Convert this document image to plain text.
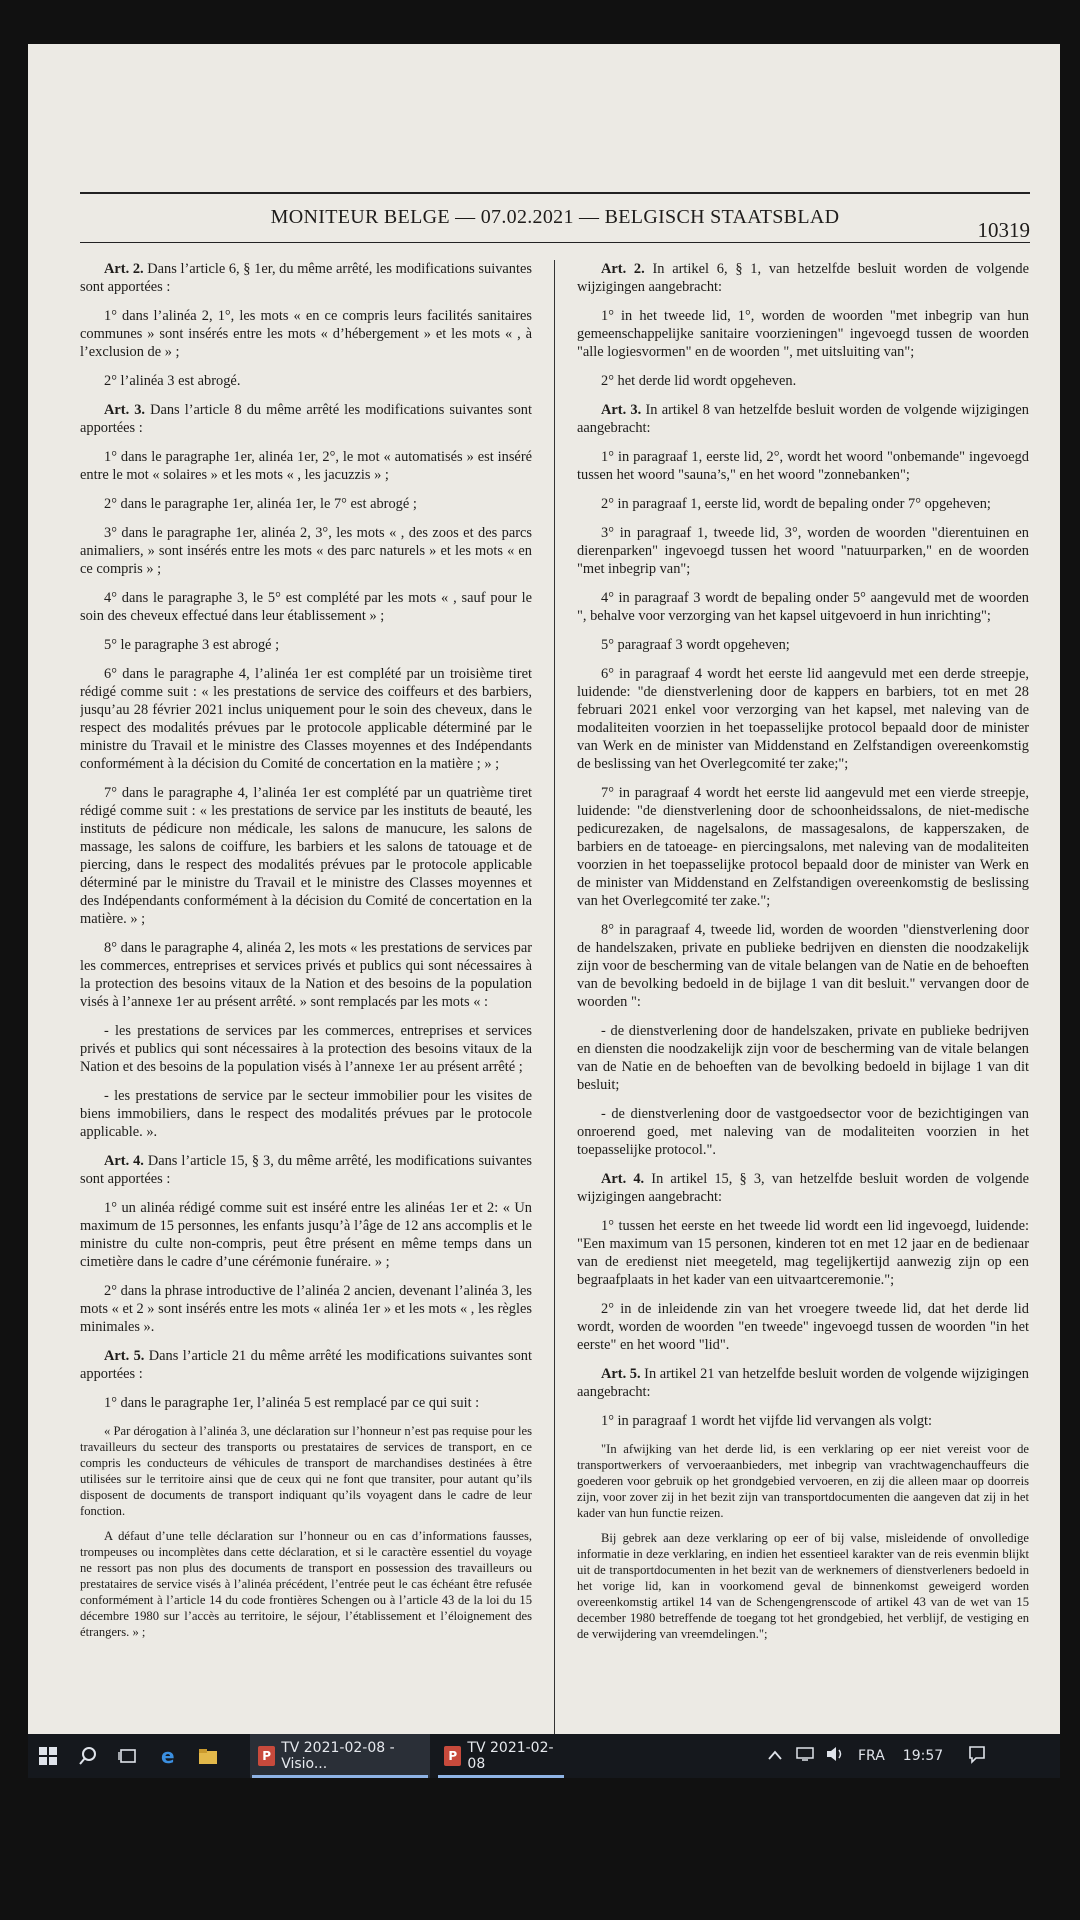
MONITEUR BELGE — 07.02.2021 — BELGISCH STAATSBLAD
10319

Art. 2. Dans l’article 6, § 1er, du même arrêté, les modifications suivantes sont apportées :

1° dans l’alinéa 2, 1°, les mots « en ce compris leurs facilités sanitaires communes » sont insérés entre les mots « d’hébergement » et les mots « , à l’exclusion de » ;

2° l’alinéa 3 est abrogé.

Art. 3. Dans l’article 8 du même arrêté les modifications suivantes sont apportées :

1° dans le paragraphe 1er, alinéa 1er, 2°, le mot « automatisés » est inséré entre le mot « solaires » et les mots « , les jacuzzis » ;

2° dans le paragraphe 1er, alinéa 1er, le 7° est abrogé ;

3° dans le paragraphe 1er, alinéa 2, 3°, les mots « , des zoos et des parcs animaliers, » sont insérés entre les mots « des parc naturels » et les mots « en ce compris » ;

4° dans le paragraphe 3, le 5° est complété par les mots « , sauf pour le soin des cheveux effectué dans leur établissement » ;

5° le paragraphe 3 est abrogé ;

6° dans le paragraphe 4, l’alinéa 1er est complété par un troisième tiret rédigé comme suit : « les prestations de service des coiffeurs et des barbiers, jusqu’au 28 février 2021 inclus uniquement pour le soin des cheveux, dans le respect des modalités prévues par le protocole applicable déterminé par le ministre du Travail et le ministre des Classes moyennes et des Indépendants conformément à la décision du Comité de concertation en la matière ; » ;

7° dans le paragraphe 4, l’alinéa 1er est complété par un quatrième tiret rédigé comme suit : « les prestations de service par les instituts de beauté, les instituts de pédicure non médicale, les salons de manucure, les salons de massage, les salons de coiffure, les barbiers et les salons de tatouage et de piercing, dans le respect des modalités prévues par le protocole applicable déterminé par le ministre du Travail et le ministre des Classes moyennes et des Indépendants conformément à la décision du Comité de concertation en la matière. » ;

8° dans le paragraphe 4, alinéa 2, les mots « les prestations de services par les commerces, entreprises et services privés et publics qui sont nécessaires à la protection des besoins vitaux de la Nation et des besoins de la population visés à l’annexe 1er au présent arrêté. » sont remplacés par les mots « :

- les prestations de services par les commerces, entreprises et services privés et publics qui sont nécessaires à la protection des besoins vitaux de la Nation et des besoins de la population visés à l’annexe 1er au présent arrêté ;

- les prestations de service par le secteur immobilier pour les visites de biens immobiliers, dans le respect des modalités prévues par le protocole applicable. ».

Art. 4. Dans l’article 15, § 3, du même arrêté, les modifications suivantes sont apportées :

1° un alinéa rédigé comme suit est inséré entre les alinéas 1er et 2: « Un maximum de 15 personnes, les enfants jusqu’à l’âge de 12 ans accomplis et le ministre du culte non-compris, peut être présent en même temps dans un cimetière dans le cadre d’une cérémonie funéraire. » ;

2° dans la phrase introductive de l’alinéa 2 ancien, devenant l’alinéa 3, les mots « et 2 » sont insérés entre les mots « alinéa 1er » et les mots « , les règles minimales ».

Art. 5. Dans l’article 21 du même arrêté les modifications suivantes sont apportées :

1° dans le paragraphe 1er, l’alinéa 5 est remplacé par ce qui suit :

« Par dérogation à l’alinéa 3, une déclaration sur l’honneur n’est pas requise pour les travailleurs du secteur des transports ou prestataires de services de transport, en ce compris les conducteurs de véhicules de transport de marchandises destinées à être utilisées sur le territoire ainsi que de ceux qui ne font que transiter, pour autant qu’ils disposent de documents de transport indiquant qu’ils voyagent dans le cadre de leur fonction.

A défaut d’une telle déclaration sur l’honneur ou en cas d’informations fausses, trompeuses ou incomplètes dans cette déclaration, et si le caractère essentiel du voyage ne ressort pas non plus des documents de transport en possession des travailleurs ou prestataires de service visés à l’alinéa précédent, l’entrée peut le cas échéant être refusée conformément à l’article 14 du code frontières Schengen ou à l’article 43 de la loi du 15 décembre 1980 sur l’accès au territoire, le séjour, l’établissement et l’éloignement des étrangers. » ;

Art. 2. In artikel 6, § 1, van hetzelfde besluit worden de volgende wijzigingen aangebracht:

1° in het tweede lid, 1°, worden de woorden "met inbegrip van hun gemeenschappelijke sanitaire voorzieningen" ingevoegd tussen de woorden "alle logiesvormen" en de woorden ", met uitsluiting van";

2° het derde lid wordt opgeheven.

Art. 3. In artikel 8 van hetzelfde besluit worden de volgende wijzigingen aangebracht:

1° in paragraaf 1, eerste lid, 2°, wordt het woord "onbemande" ingevoegd tussen het woord "sauna’s," en het woord "zonnebanken";

2° in paragraaf 1, eerste lid, wordt de bepaling onder 7° opgeheven;

3° in paragraaf 1, tweede lid, 3°, worden de woorden "dierentuinen en dierenparken" ingevoegd tussen het woord "natuurparken," en de woorden "met inbegrip van";

4° in paragraaf 3 wordt de bepaling onder 5° aangevuld met de woorden ", behalve voor verzorging van het kapsel uitgevoerd in hun inrichting";

5° paragraaf 3 wordt opgeheven;

6° in paragraaf 4 wordt het eerste lid aangevuld met een derde streepje, luidende: "de dienstverlening door de kappers en barbiers, tot en met 28 februari 2021 enkel voor verzorging van het kapsel, met naleving van de modaliteiten voorzien in het toepasselijke protocol bepaald door de minister van Werk en de minister van Middenstand en Zelfstandigen overeenkomstig de beslissing van het Overlegcomité ter zake;";

7° in paragraaf 4 wordt het eerste lid aangevuld met een vierde streepje, luidende: "de dienstverlening door de schoonheidssalons, de niet-medische pedicurezaken, de nagelsalons, de massagesalons, de kapperszaken, de barbiers en de tatoeage- en piercingsalons, met naleving van de modaliteiten voorzien in het toepasselijke protocol bepaald door de minister van Werk en de minister van Middenstand en Zelfstandigen overeenkomstig de beslissing van het Overlegcomité ter zake.";

8° in paragraaf 4, tweede lid, worden de woorden "dienstverlening door de handelszaken, private en publieke bedrijven en diensten die noodzakelijk zijn voor de bescherming van de vitale belangen van de Natie en de behoeften van de bevolking bedoeld in de bijlage 1 van dit besluit." vervangen door de woorden ":

- de dienstverlening door de handelszaken, private en publieke bedrijven en diensten die noodzakelijk zijn voor de bescherming van de vitale belangen van de Natie en de behoeften van de bevolking bedoeld in bijlage 1 van dit besluit;

- de dienstverlening door de vastgoedsector voor de bezichtigingen van onroerend goed, met naleving van de modaliteiten voorzien in het toepasselijke protocol.".

Art. 4. In artikel 15, § 3, van hetzelfde besluit worden de volgende wijzigingen aangebracht:

1° tussen het eerste en het tweede lid wordt een lid ingevoegd, luidende: "Een maximum van 15 personen, kinderen tot en met 12 jaar en de bedienaar van de eredienst niet meegeteld, mag tegelijkertijd aanwezig zijn op een begraafplaats in het kader van een uitvaartceremonie.";

2° in de inleidende zin van het vroegere tweede lid, dat het derde lid wordt, worden de woorden "en tweede" ingevoegd tussen de woorden "in het eerste" en het woord "lid".

Art. 5. In artikel 21 van hetzelfde besluit worden de volgende wijzigingen aangebracht:

1° in paragraaf 1 wordt het vijfde lid vervangen als volgt:

"In afwijking van het derde lid, is een verklaring op eer niet vereist voor de transportwerkers of vervoeraanbieders, met inbegrip van vrachtwagenchauffeurs die goederen voor gebruik op het grondgebied vervoeren, en zij die alleen maar op doorreis zijn, voor zover zij in het bezit zijn van transportdocumenten die aangeven dat zij in het kader van hun functie reizen.

Bij gebrek aan deze verklaring op eer of bij valse, misleidende of onvolledige informatie in deze verklaring, en indien het essentieel karakter van de reis evenmin blijkt uit de transportdocumenten in het bezit van de werknemers of dienstverleners bedoeld in het vorige lid, kan in voorkomend geval de binnenkomst geweigerd worden overeenkomstig artikel 14 van de Schengengrenscode of artikel 43 van de wet van 15 december 1980 betreffende de toegang tot het grondgebied, het verblijf, de vestiging en de verwijdering van vreemdelingen.";

e	P TV 2021-02-08 - Visio...	P TV 2021-02-08	FRA 19:57
